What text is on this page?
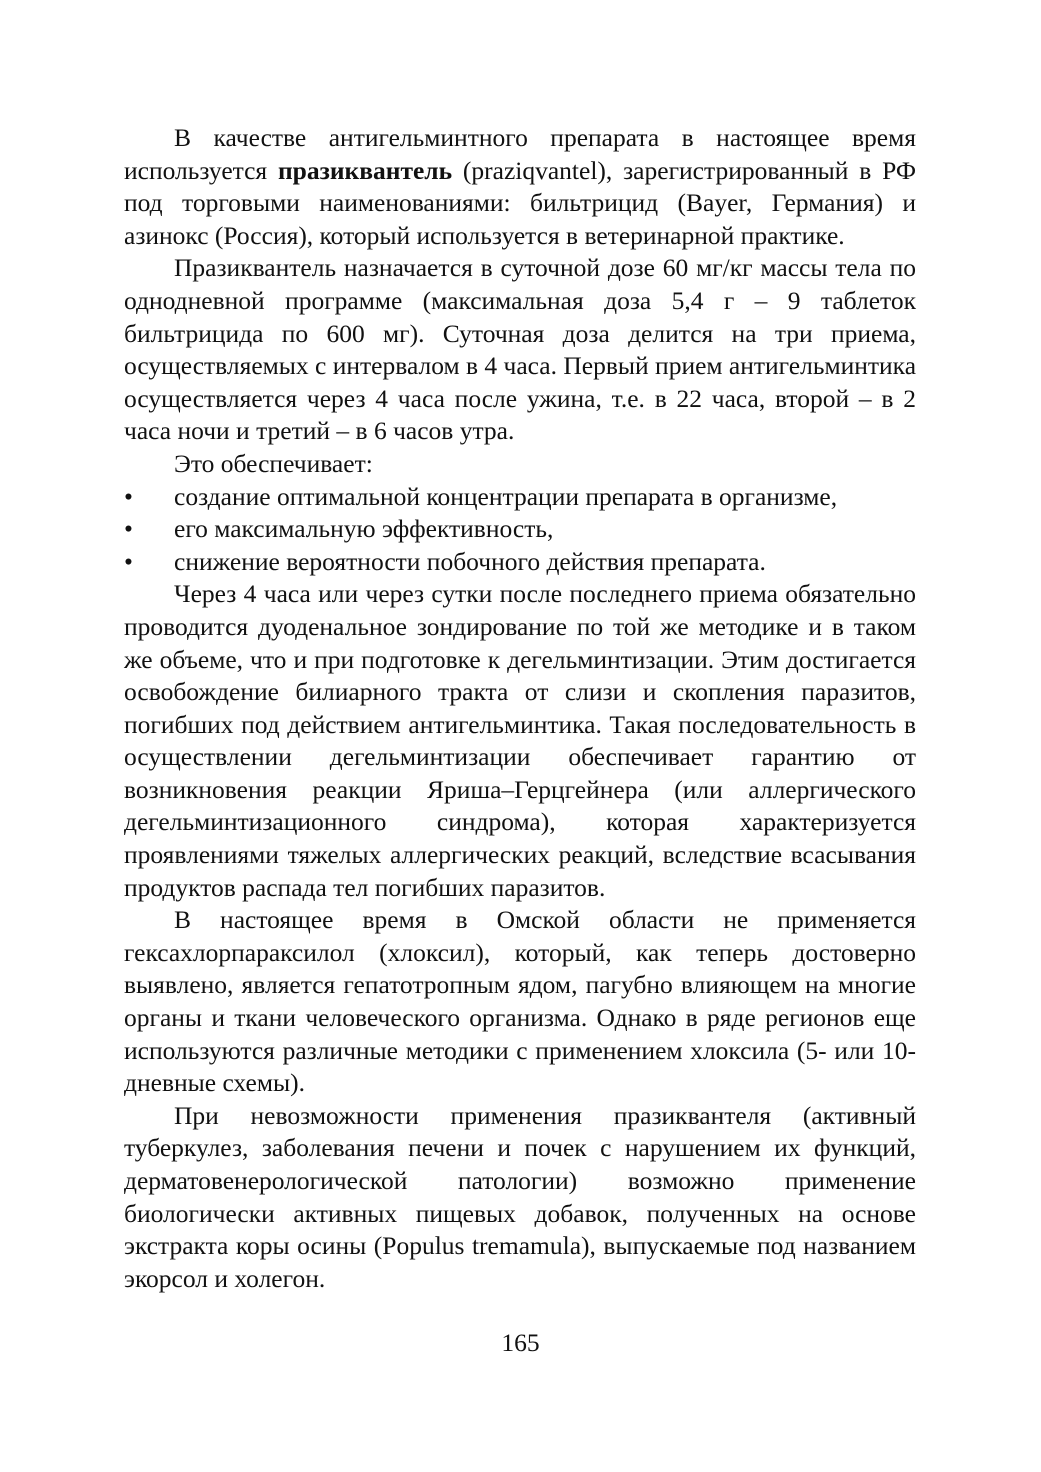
В качестве антигельминтного препарата в настоящее время используется празиквантель (praziqvantel), зарегистрированный в РФ под торговыми наименованиями: бильтрицид (Bayer, Германия) и азинокс (Россия), который используется в ветеринарной практике.

Празиквантель назначается в суточной дозе 60 мг/кг массы тела по однодневной программе (максимальная доза 5,4 г – 9 таблеток бильтрицида по 600 мг). Суточная доза делится на три приема, осуществляемых с интервалом в 4 часа. Первый прием антигельминтика осуществляется через 4 часа после ужина, т.е. в 22 часа, второй – в 2 часа ночи и третий – в 6 часов утра.

Это обеспечивает:

• создание оптимальной концентрации препарата в организме,
• его максимальную эффективность,
• снижение вероятности побочного действия препарата.

Через 4 часа или через сутки после последнего приема обязательно проводится дуоденальное зондирование по той же методике и в таком же объеме, что и при подготовке к дегельминтизации. Этим достигается освобождение билиарного тракта от слизи и скопления паразитов, погибших под действием антигельминтика. Такая последовательность в осуществлении дегельминтизации обеспечивает гарантию от возникновения реакции Яриша–Герцгейнера (или аллергического дегельминтизационного синдрома), которая характеризуется проявлениями тяжелых аллергических реакций, вследствие всасывания продуктов распада тел погибших паразитов.

В настоящее время в Омской области не применяется гексахлорпараксилол (хлоксил), который, как теперь достоверно выявлено, является гепатотропным ядом, пагубно влияющем на многие органы и ткани человеческого организма. Однако в ряде регионов еще используются различные методики с применением хлоксила (5- или 10-дневные схемы).

При невозможности применения празиквантеля (активный туберкулез, заболевания печени и почек с нарушением их функций, дерматовенерологической патологии) возможно применение биологически активных пищевых добавок, полученных на основе экстракта коры осины (Populus tremamula), выпускаемые под названием экорсол и холегон.

165
